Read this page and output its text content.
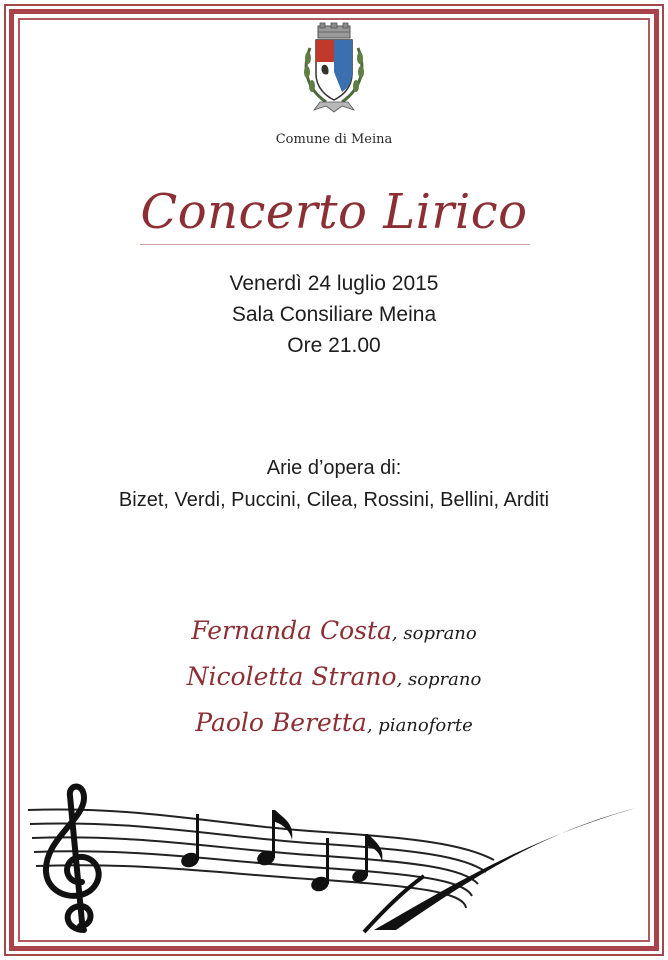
Comune di Meina
Concerto Lirico
Venerdì 24 luglio 2015
Sala Consiliare Meina
Ore 21.00
Arie d’opera di:
Bizet, Verdi, Puccini, Cilea, Rossini, Bellini, Arditi
Fernanda Costa, soprano
Nicoletta Strano, soprano
Paolo Beretta, pianoforte
